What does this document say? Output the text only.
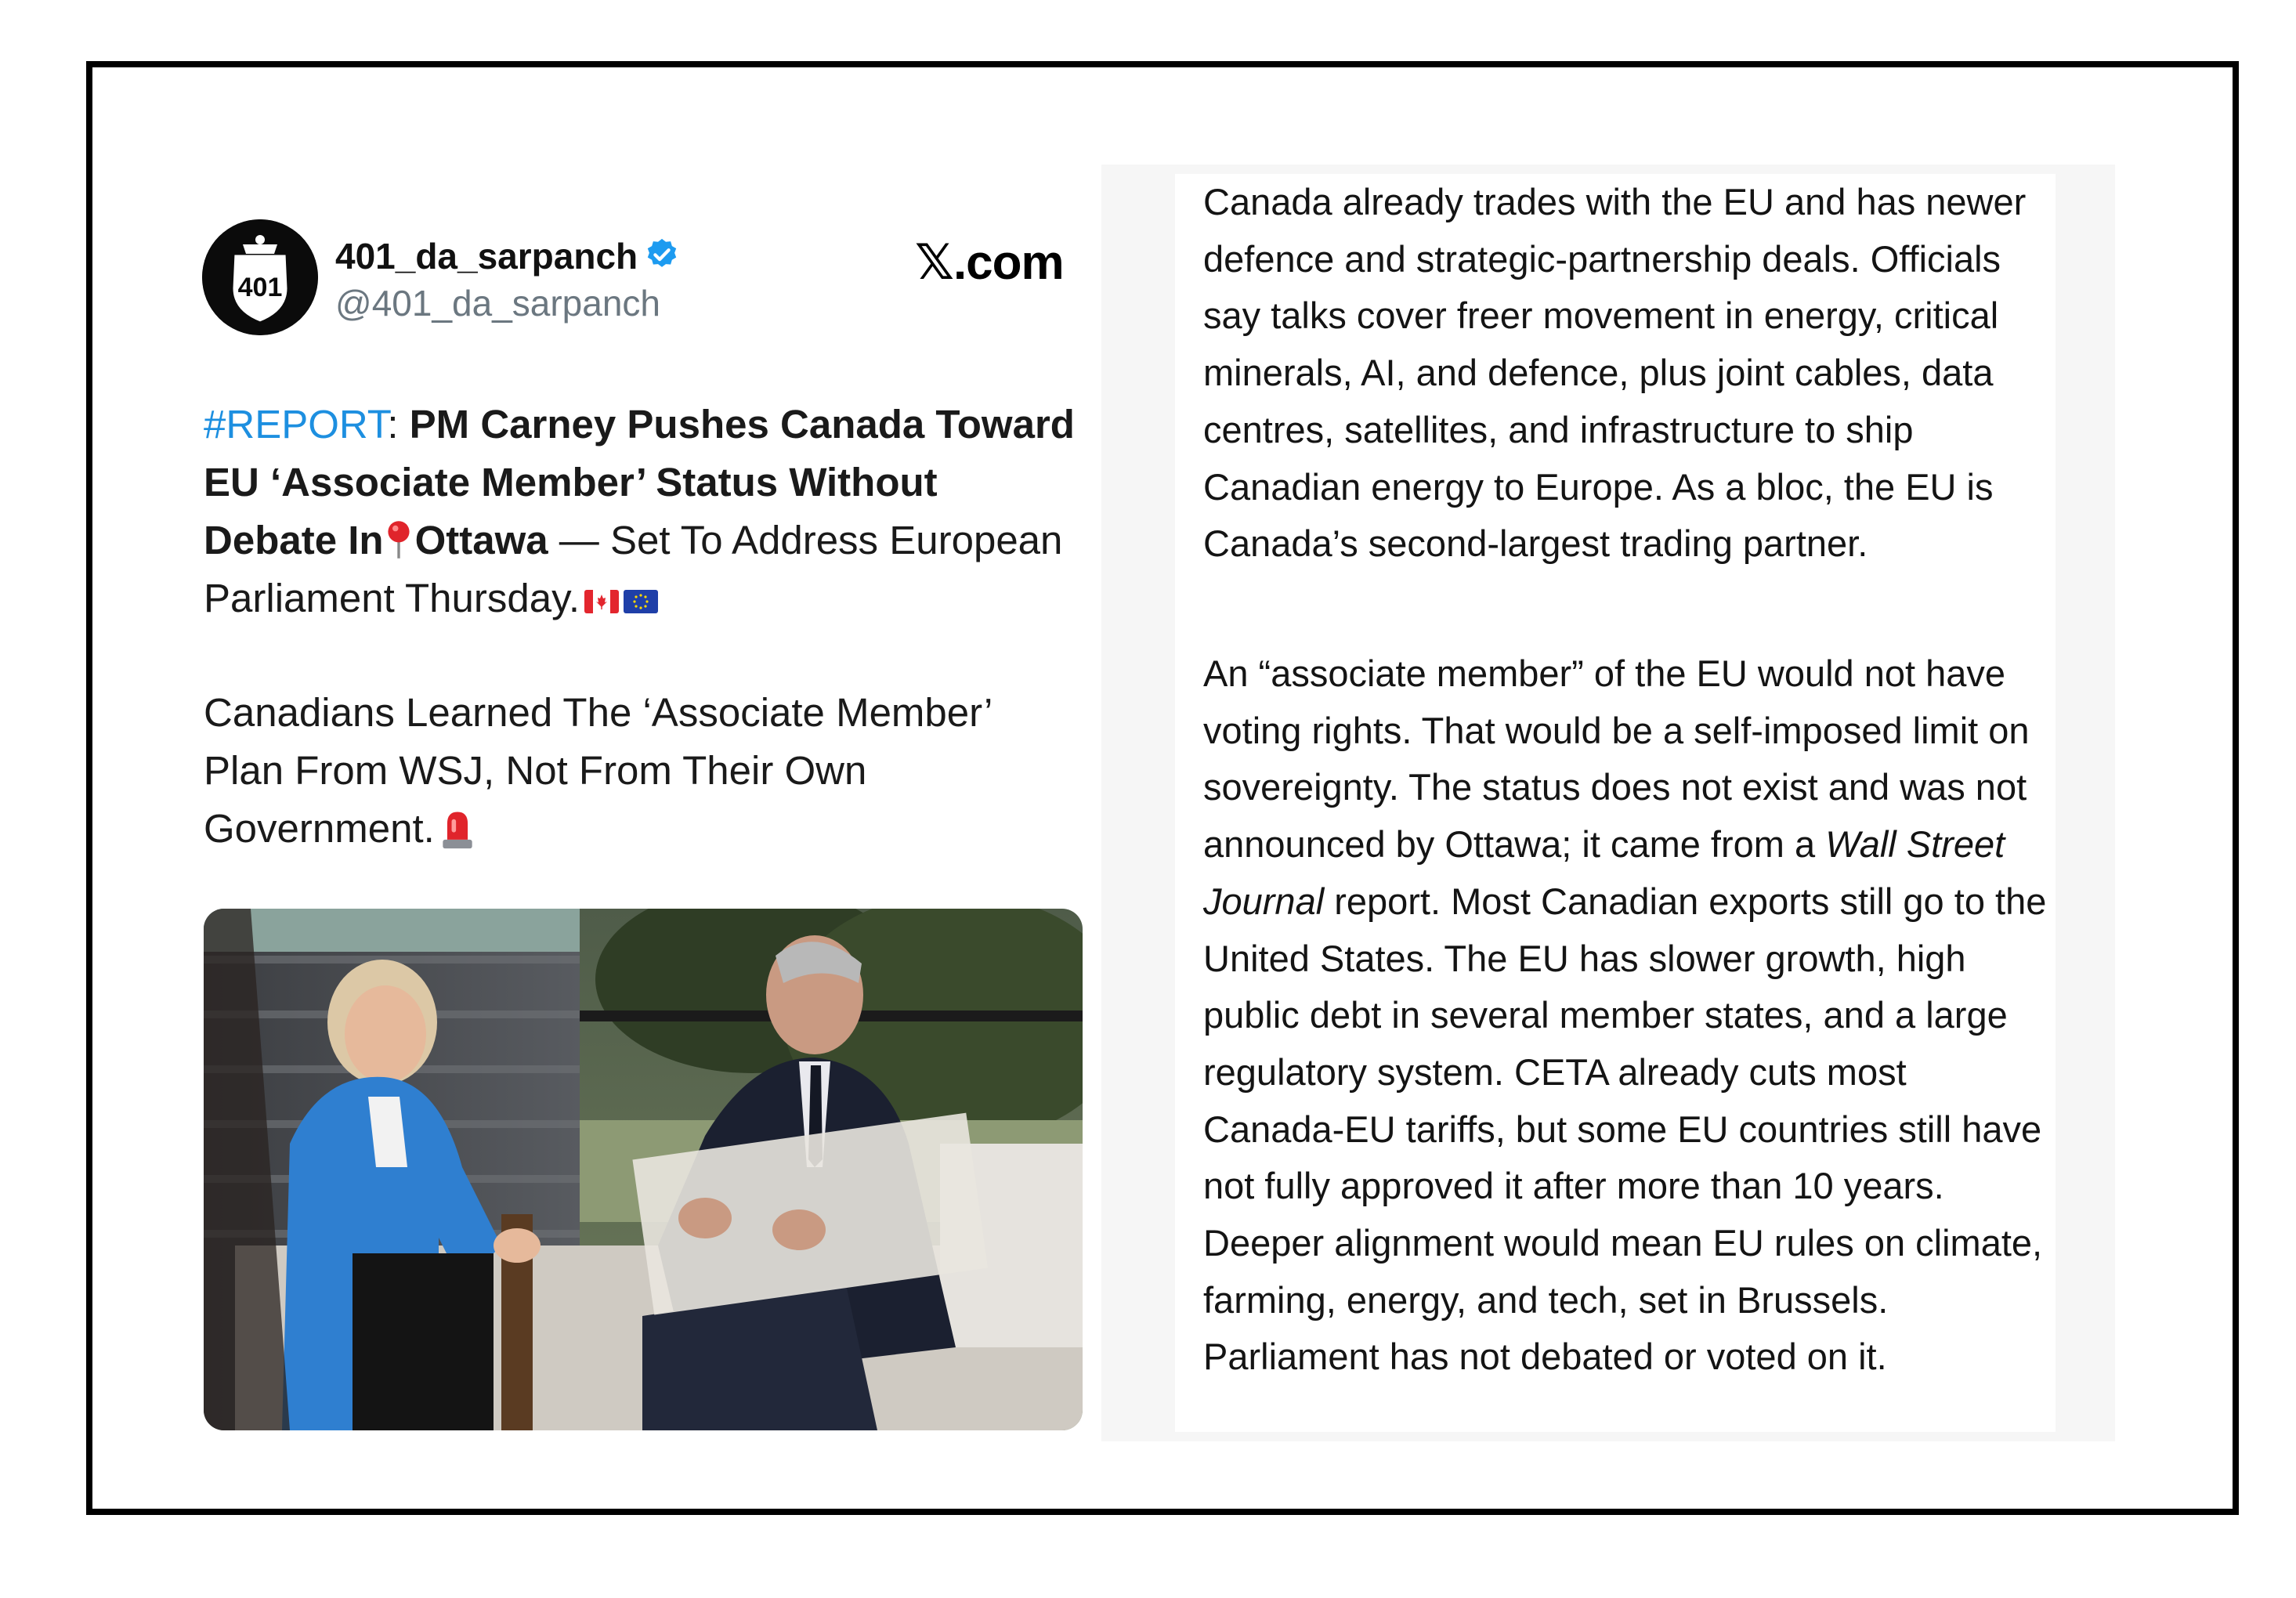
401
401_da_sarpanch
@401_da_sarpanch
𝕏.com
#REPORT: PM Carney Pushes Canada Toward EU ‘Associate Member’ Status Without Debate In Ottawa — Set To Address European Parliament Thursday.
Canadians Learned The ‘Associate Member’ Plan From WSJ, Not From Their Own Government.

Canada already trades with the EU and has newer defence and strategic-partnership deals. Officials say talks cover freer movement in energy, critical minerals, AI, and defence, plus joint cables, data centres, satellites, and infrastructure to ship Canadian energy to Europe. As a bloc, the EU is Canada’s second-largest trading partner.

An “associate member” of the EU would not have voting rights. That would be a self-imposed limit on sovereignty. The status does not exist and was not announced by Ottawa; it came from a Wall Street Journal report. Most Canadian exports still go to the United States. The EU has slower growth, high public debt in several member states, and a large regulatory system. CETA already cuts most Canada-EU tariffs, but some EU countries still have not fully approved it after more than 10 years. Deeper alignment would mean EU rules on climate, farming, energy, and tech, set in Brussels. Parliament has not debated or voted on it.
